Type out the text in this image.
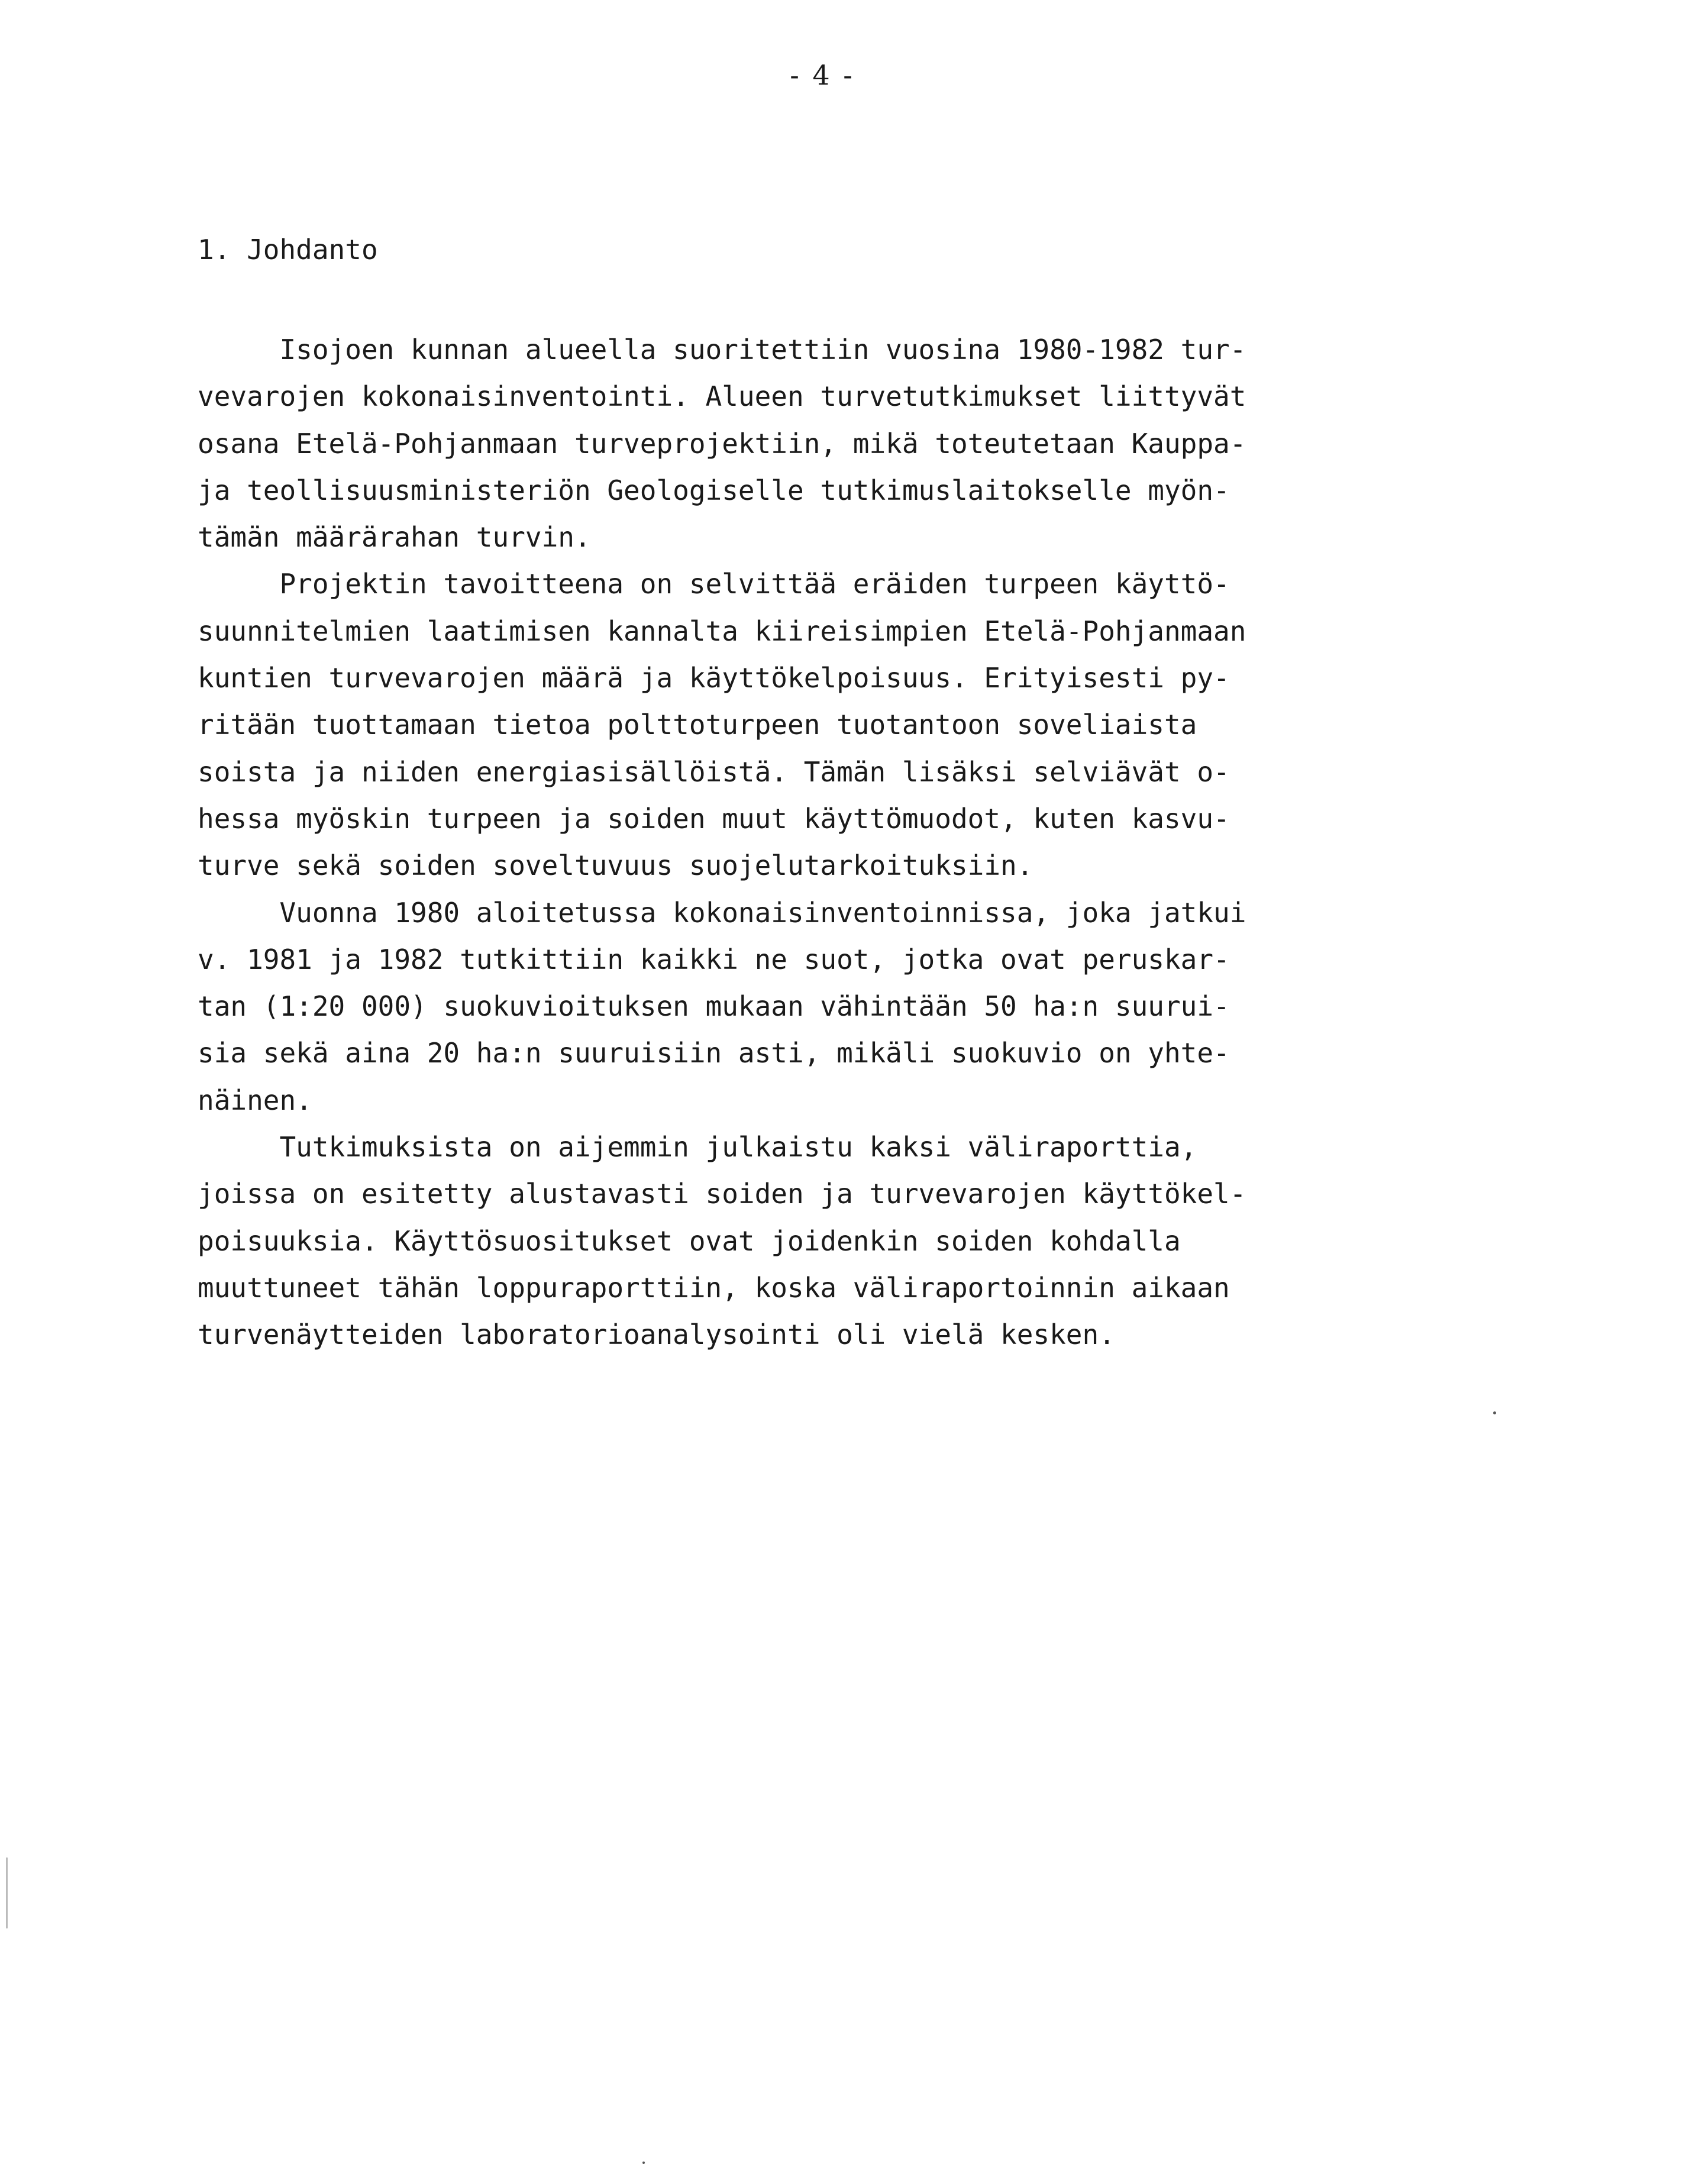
- 4 -
1. Johdanto
Isojoen kunnan alueella suoritettiin vuosina 1980-1982 tur-
vevarojen kokonaisinventointi. Alueen turvetutkimukset liittyvät
osana Etelä-Pohjanmaan turveprojektiin, mikä toteutetaan Kauppa-
ja teollisuusministeriön Geologiselle tutkimuslaitokselle myön-
tämän määrärahan turvin.
Projektin tavoitteena on selvittää eräiden turpeen käyttö-
suunnitelmien laatimisen kannalta kiireisimpien Etelä-Pohjanmaan
kuntien turvevarojen määrä ja käyttökelpoisuus. Erityisesti py-
ritään tuottamaan tietoa polttoturpeen tuotantoon soveliaista
soista ja niiden energiasisällöistä. Tämän lisäksi selviävät o-
hessa myöskin turpeen ja soiden muut käyttömuodot, kuten kasvu-
turve sekä soiden soveltuvuus suojelutarkoituksiin.
Vuonna 1980 aloitetussa kokonaisinventoinnissa, joka jatkui
v. 1981 ja 1982 tutkittiin kaikki ne suot, jotka ovat peruskar-
tan (1:20 000) suokuvioituksen mukaan vähintään 50 ha:n suurui-
sia sekä aina 20 ha:n suuruisiin asti, mikäli suokuvio on yhte-
näinen.
Tutkimuksista on aijemmin julkaistu kaksi väliraporttia,
joissa on esitetty alustavasti soiden ja turvevarojen käyttökel-
poisuuksia. Käyttösuositukset ovat joidenkin soiden kohdalla
muuttuneet tähän loppuraporttiin, koska väliraportoinnin aikaan
turvenäytteiden laboratorioanalysointi oli vielä kesken.
